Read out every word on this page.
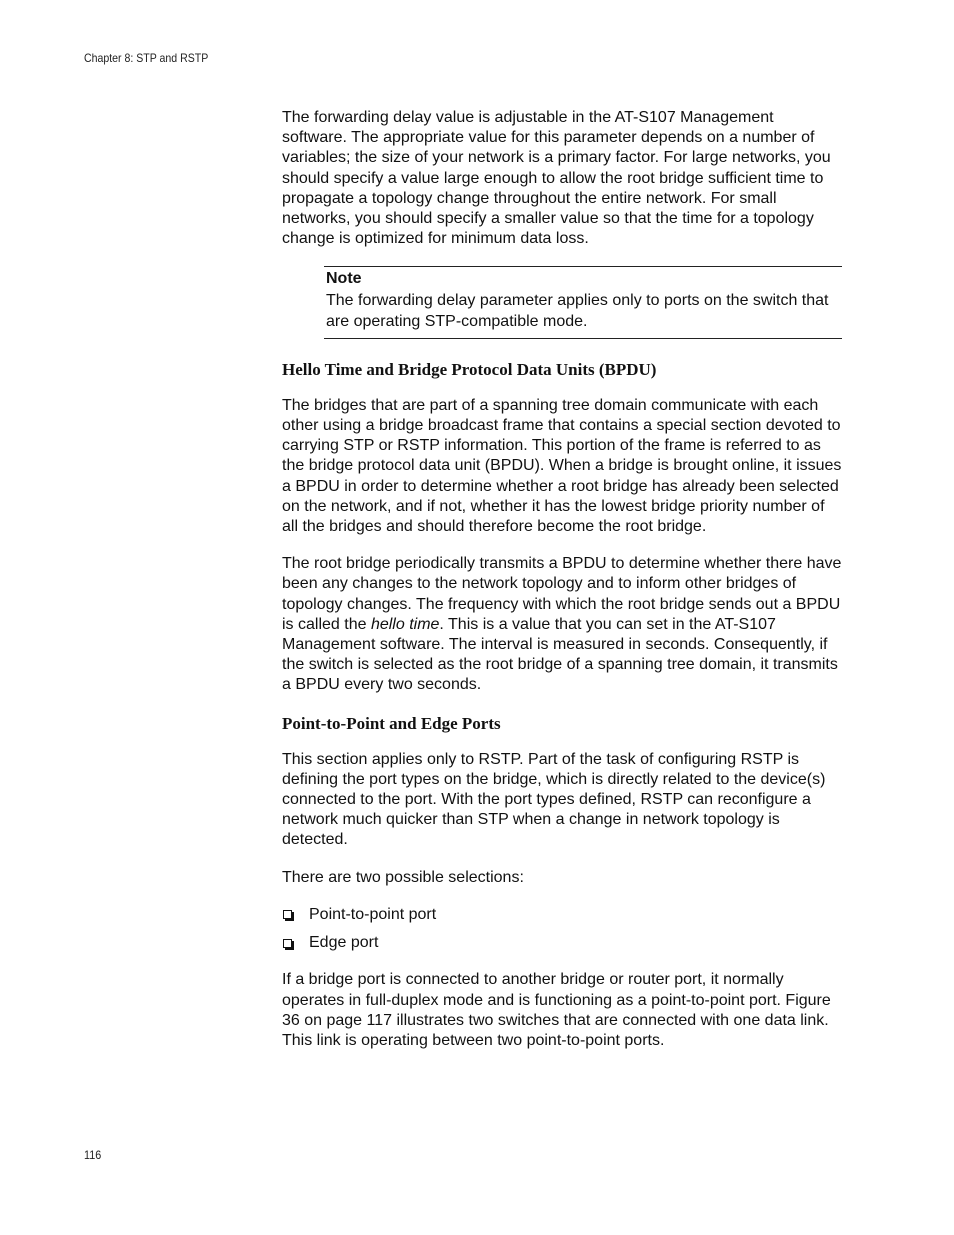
Chapter 8: STP and RSTP

The forwarding delay value is adjustable in the AT-S107 Management software. The appropriate value for this parameter depends on a number of variables; the size of your network is a primary factor. For large networks, you should specify a value large enough to allow the root bridge sufficient time to propagate a topology change throughout the entire network. For small networks, you should specify a smaller value so that the time for a topology change is optimized for minimum data loss.

Note

The forwarding delay parameter applies only to ports on the switch that are operating STP-compatible mode.

Hello Time and Bridge Protocol Data Units (BPDU)

The bridges that are part of a spanning tree domain communicate with each other using a bridge broadcast frame that contains a special section devoted to carrying STP or RSTP information. This portion of the frame is referred to as the bridge protocol data unit (BPDU). When a bridge is brought online, it issues a BPDU in order to determine whether a root bridge has already been selected on the network, and if not, whether it has the lowest bridge priority number of all the bridges and should therefore become the root bridge.

The root bridge periodically transmits a BPDU to determine whether there have been any changes to the network topology and to inform other bridges of topology changes. The frequency with which the root bridge sends out a BPDU is called the hello time. This is a value that you can set in the AT-S107 Management software. The interval is measured in seconds. Consequently, if the switch is selected as the root bridge of a spanning tree domain, it transmits a BPDU every two seconds.

Point-to-Point and Edge Ports

This section applies only to RSTP. Part of the task of configuring RSTP is defining the port types on the bridge, which is directly related to the device(s) connected to the port. With the port types defined, RSTP can reconfigure a network much quicker than STP when a change in network topology is detected.

There are two possible selections:

Point-to-point port
Edge port

If a bridge port is connected to another bridge or router port, it normally operates in full-duplex mode and is functioning as a point-to-point port. Figure 36 on page 117 illustrates two switches that are connected with one data link. This link is operating between two point-to-point ports.

116
